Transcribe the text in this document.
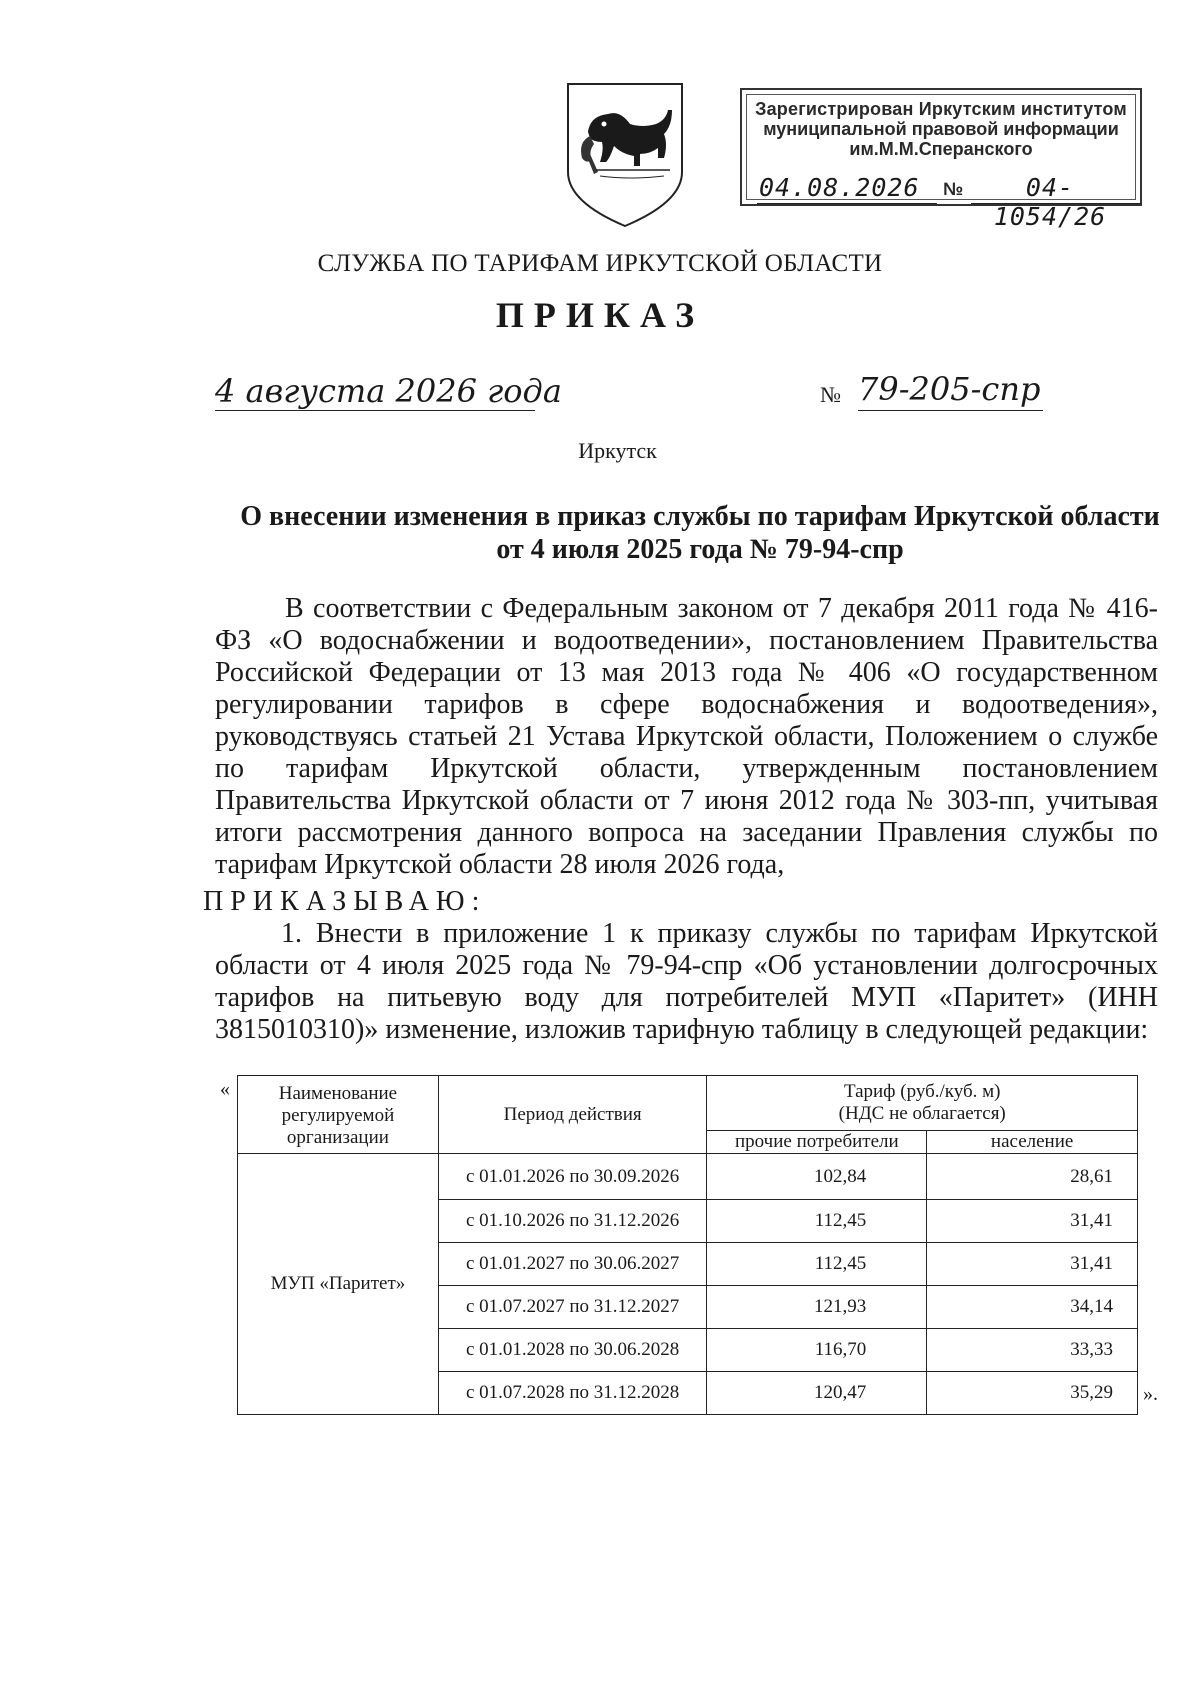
Зарегистрирован Иркутским институтом
муниципальной правовой информации
им.М.М.Сперанского
04.08.2026 №	04-1054/26
СЛУЖБА ПО ТАРИФАМ ИРКУТСКОЙ ОБЛАСТИ
ПРИКАЗ
4 августа 2026 года	№ 79-205-спр
Иркутск
О внесении изменения в приказ службы по тарифам Иркутской области
от 4 июля 2025 года № 79-94-спр

В соответствии с Федеральным законом от 7 декабря 2011 года № 416-ФЗ «О водоснабжении и водоотведении», постановлением Правительства Российской Федерации от 13 мая 2013 года № 406 «О государственном регулировании тарифов в сфере водоснабжения и водоотведения», руководствуясь статьей 21 Устава Иркутской области, Положением о службе по тарифам Иркутской области, утвержденным постановлением Правительства Иркутской области от 7 июня 2012 года № 303-пп, учитывая итоги рассмотрения данного вопроса на заседании Правления службы по тарифам Иркутской области 28 июля 2026 года,

ПРИКАЗЫВАЮ:

1. Внести в приложение 1 к приказу службы по тарифам Иркутской области от 4 июля 2025 года № 79-94-спр «Об установлении долгосрочных тарифов на питьевую воду для потребителей МУП «Паритет» (ИНН 3815010310)» изменение, изложив тарифную таблицу в следующей редакции:

«
».
Наименование регулируемой организации	Период действия	Тариф (руб./куб. м)
(НДС не облагается)	

		прочие потребители	население
МУП «Паритет»	с 01.01.2026 по 30.09.2026	102,84	28,61
	с 01.10.2026 по 31.12.2026	112,45	31,41
	с 01.01.2027 по 30.06.2027	112,45	31,41
	с 01.07.2027 по 31.12.2027	121,93	34,14
	с 01.01.2028 по 30.06.2028	116,70	33,33
	с 01.07.2028 по 31.12.2028	120,47	35,29
